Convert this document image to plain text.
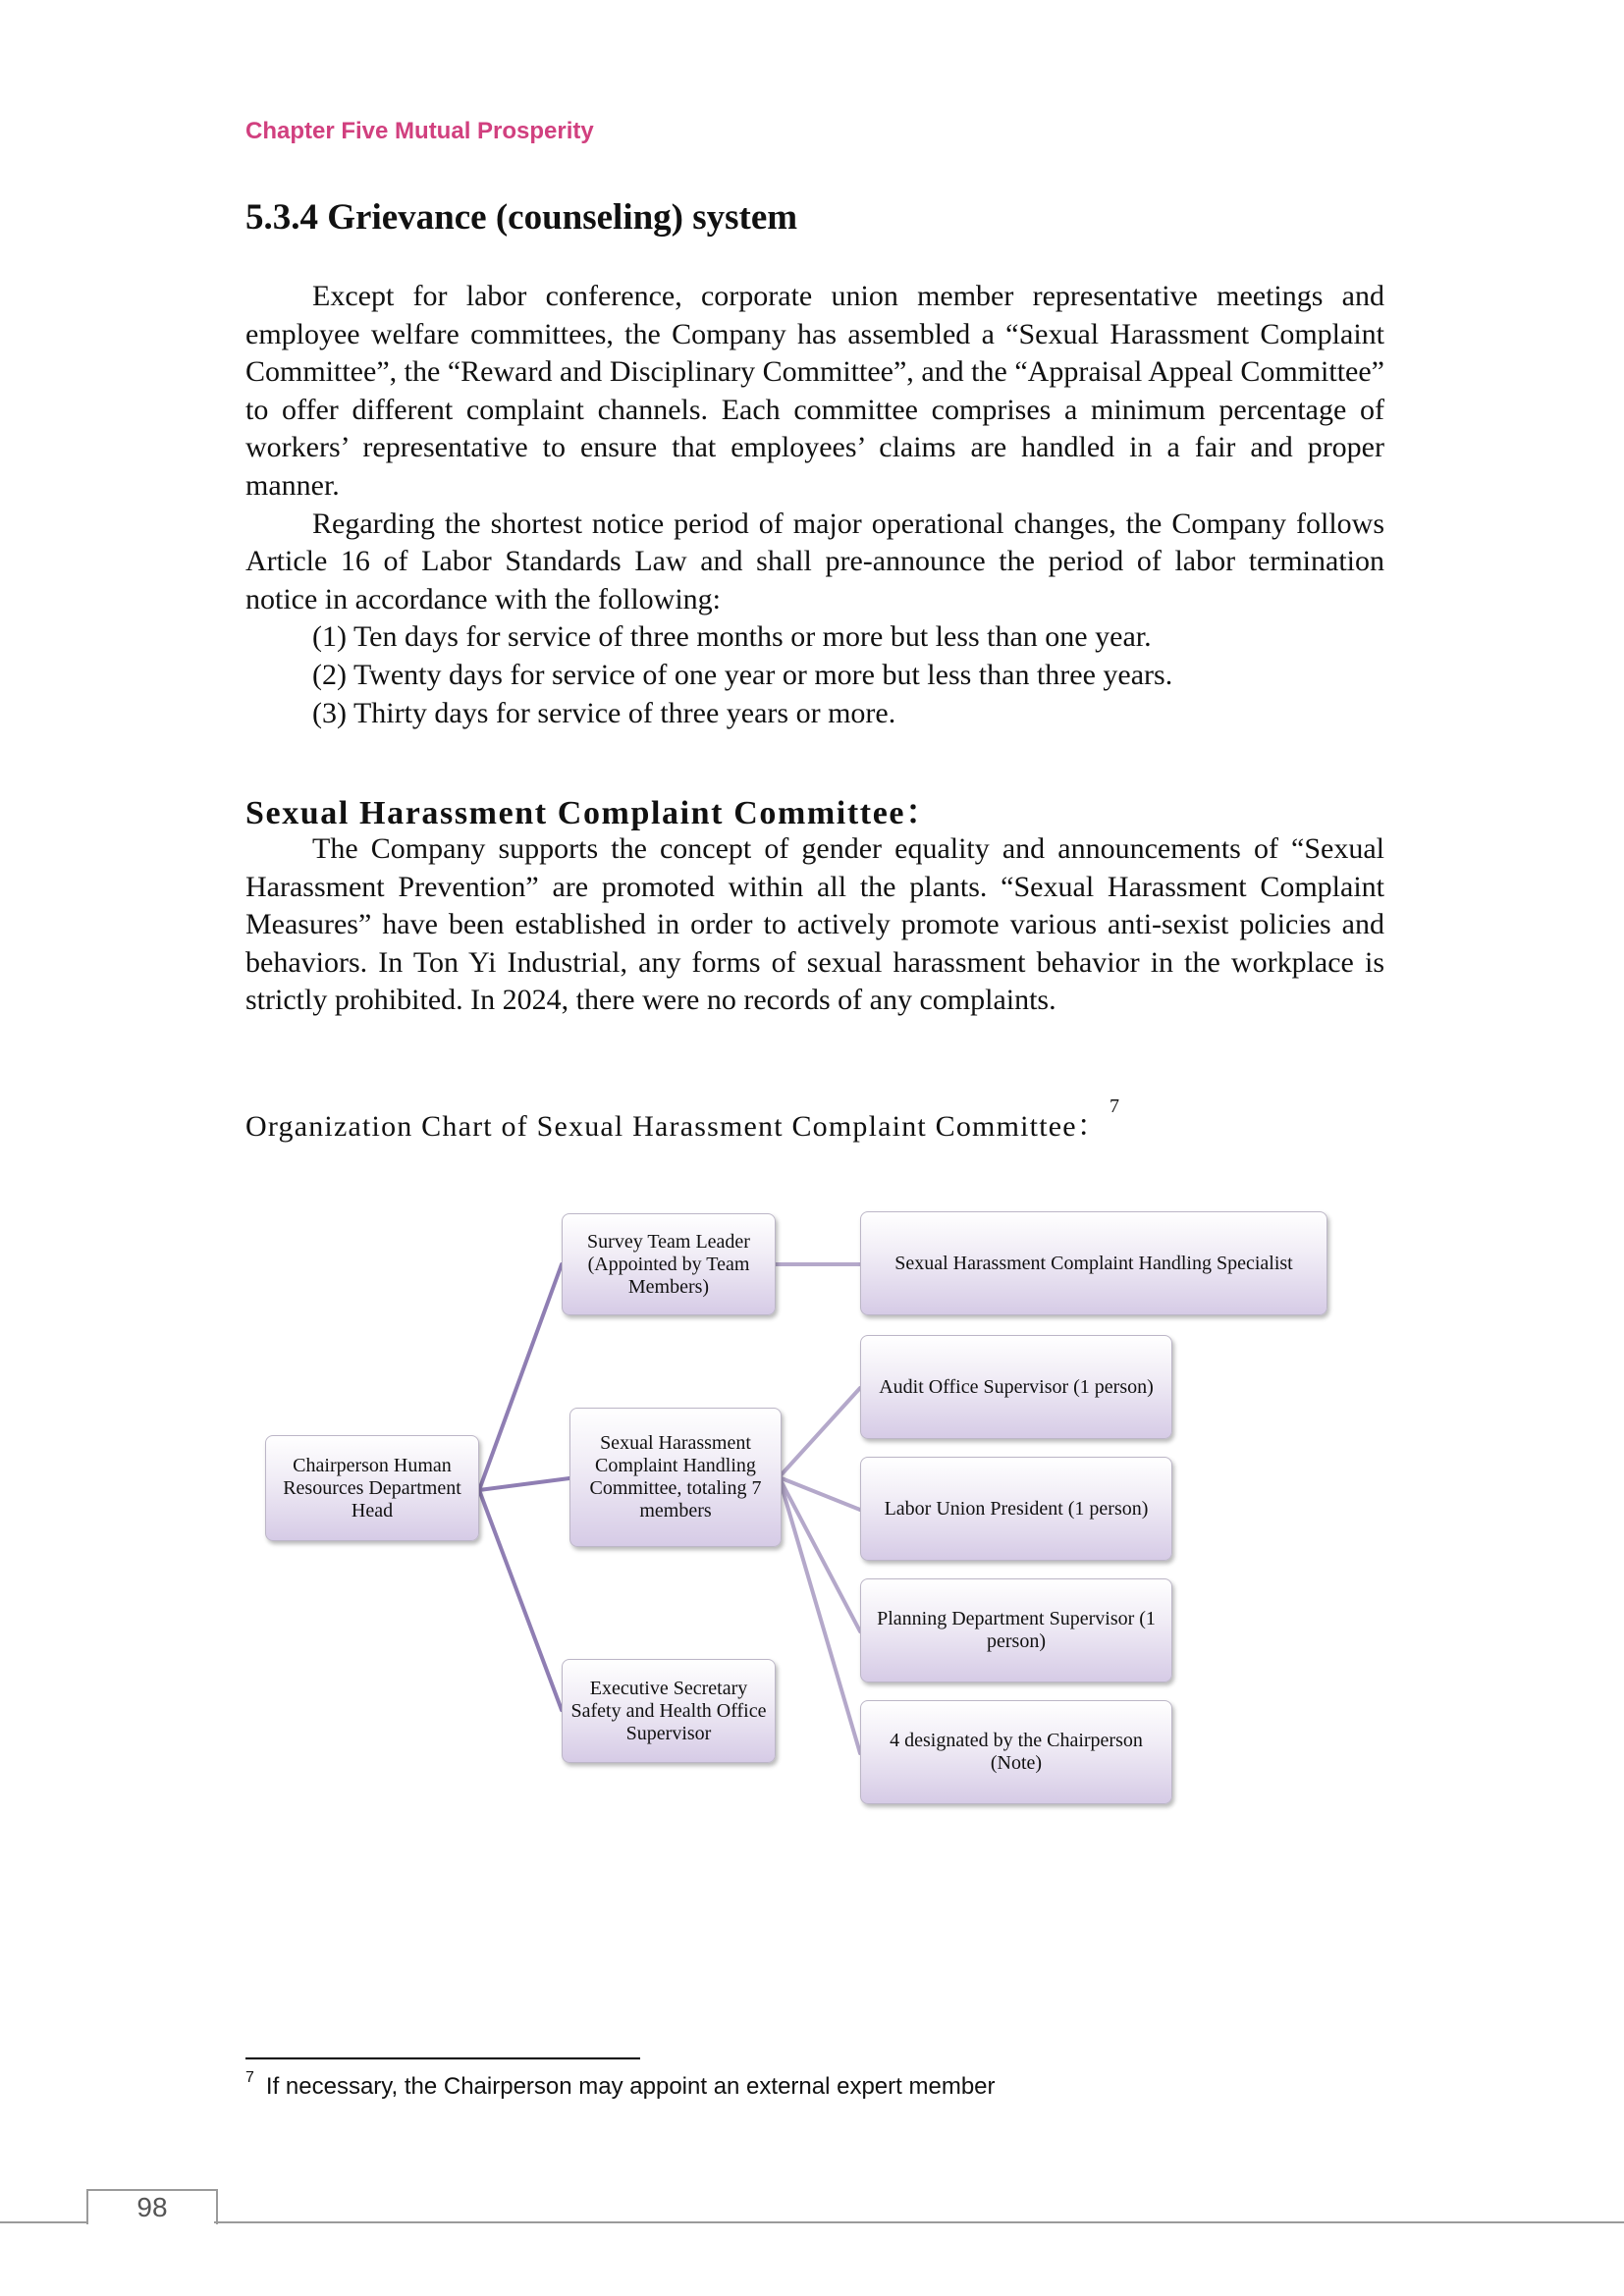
Chapter Five Mutual Prosperity
5.3.4 Grievance (counseling) system

Except for labor conference, corporate union member representative meetings and employee welfare committees, the Company has assembled a “Sexual Harassment Complaint Committee”, the “Reward and Disciplinary Committee”, and the “Appraisal Appeal Committee” to offer different complaint channels. Each committee comprises a minimum percentage of workers’ representative to ensure that employees’ claims are handled in a fair and proper manner.

Regarding the shortest notice period of major operational changes, the Company follows Article 16 of Labor Standards Law and shall pre-announce the period of labor termination notice in accordance with the following:

(1) Ten days for service of three months or more but less than one year.
(2) Twenty days for service of one year or more but less than three years.
(3) Thirty days for service of three years or more.
Sexual Harassment Complaint Committee：

The Company supports the concept of gender equality and announcements of “Sexual Harassment Prevention” are promoted within all the plants. “Sexual Harassment Complaint Measures” have been established in order to actively promote various anti-sexist policies and behaviors. In Ton Yi Industrial, any forms of sexual harassment behavior in the workplace is strictly prohibited. In 2024, there were no records of any complaints.

Organization Chart of Sexual Harassment Complaint Committee：$^7$
Chairperson Human Resources Department Head
Survey Team Leader (Appointed by Team Members)
Sexual Harassment Complaint Handling Specialist
Sexual Harassment Complaint Handling Committee, totaling 7 members
Audit Office Supervisor (1 person)
Labor Union President (1 person)
Planning Department Supervisor (1 person)
4 designated by the Chairperson (Note)
Executive Secretary Safety and Health Office Supervisor
$^7$ If necessary, the Chairperson may appoint an external expert member
98
